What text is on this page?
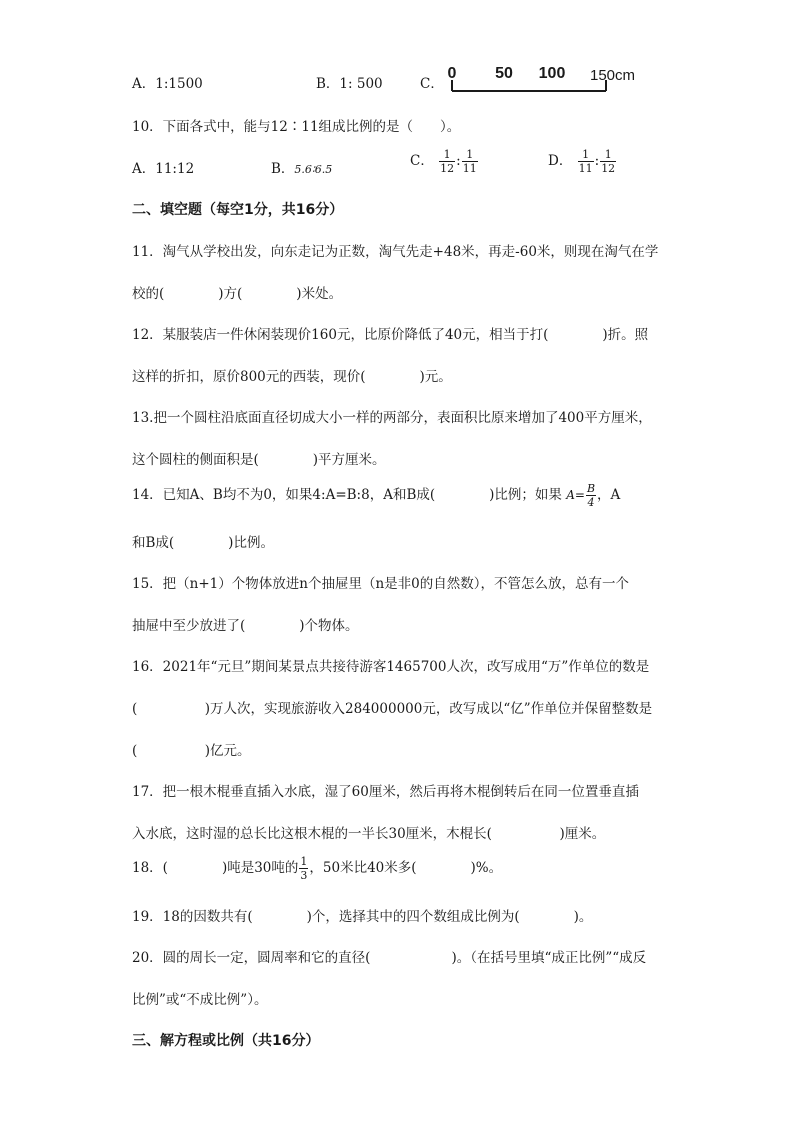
A．1:1500	B．1: 500	C．
0 50 100 150cm
10．下面各式中，能与12∶11组成比例的是（　　）。
A．11:12	B．5.6∶6.5
C． $\frac{1}{12}$ : $\frac{1}{11}$	D． $\frac{1}{11}$ : $\frac{1}{12}$
二、填空题（每空1分，共16分）
11．淘气从学校出发，向东走记为正数，淘气先走+48米，再走-60米，则现在淘气在学
校的(　　　　)方(　　　　)米处。
12．某服装店一件休闲装现价160元，比原价降低了40元，相当于打(　　　　)折。照
这样的折扣，原价800元的西装，现价(　　　　)元。
13.把一个圆柱沿底面直径切成大小一样的两部分，表面积比原来增加了400平方厘米，
这个圆柱的侧面积是(　　　　)平方厘米。
14．已知A、B均不为0，如果4:A=B:8，A和B成(　　　　)比例；如果 $A= \frac{B}{4}$ ，A
和B成(　　　　)比例。
15．把（n+1）个物体放进n个抽屉里（n是非0的自然数），不管怎么放，总有一个
抽屉中至少放进了(　　　　)个物体。
16．2021年“元旦”期间某景点共接待游客1465700人次，改写成用“万”作单位的数是
(　　　　　)万人次，实现旅游收入284000000元，改写成以“亿”作单位并保留整数是
(　　　　　)亿元。
17．把一根木棍垂直插入水底，湿了60厘米，然后再将木棍倒转后在同一位置垂直插
入水底，这时湿的总长比这根木棍的一半长30厘米，木棍长(　　　　　)厘米。
18．(　　　　)吨是30吨的 $\frac{1}{3}$ ，50米比40米多(　　　　)%。
19．18的因数共有(　　　　)个，选择其中的四个数组成比例为(　　　　)。
20．圆的周长一定，圆周率和它的直径(　　　　　　)。（在括号里填“成正比例”“成反
比例”或“不成比例”）。
三、解方程或比例（共16分）
